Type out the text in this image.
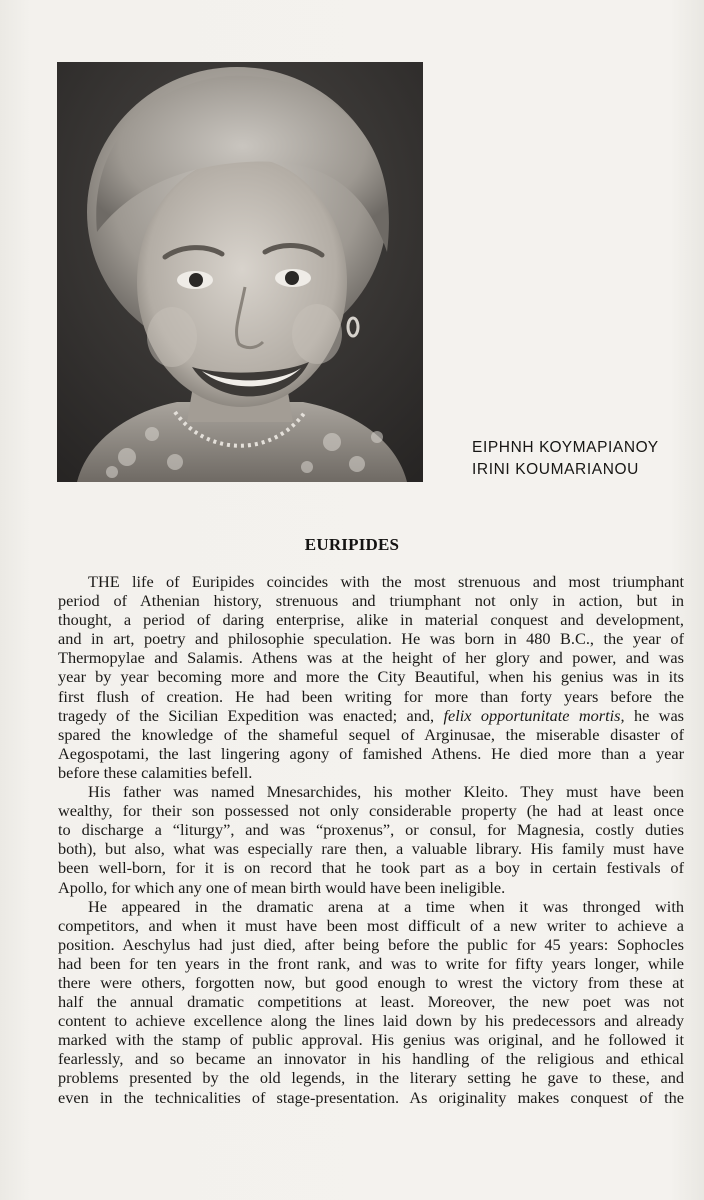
ΕΙΡΗΝΗ ΚΟΥΜΑΡΙΑΝΟΥ
IRINI KOUMARIANOU
EURIPIDES

THE life of Euripides coincides with the most strenuous and most triumphant
period of Athenian history, strenuous and triumphant not only in action, but in
thought, a period of daring enterprise, alike in material conquest and development,
and in art, poetry and philosophie speculation. He was born in 480 B.C., the year of
Thermopylae and Salamis. Athens was at the height of her glory and power, and was
year by year becoming more and more the City Beautiful, when his genius was in its
first flush of creation. He had been writing for more than forty years before the
tragedy of the Sicilian Expedition was enacted; and, felix opportunitate mortis, he was
spared the knowledge of the shameful sequel of Arginusae, the miserable disaster of
Aegospotami, the last lingering agony of famished Athens. He died more than a year
before these calamities befell.

His father was named Mnesarchides, his mother Kleito. They must have been
wealthy, for their son possessed not only considerable property (he had at least once
to discharge a “liturgy”, and was “proxenus”, or consul, for Magnesia, costly duties
both), but also, what was especially rare then, a valuable library. His family must have
been well-born, for it is on record that he took part as a boy in certain festivals of
Apollo, for which any one of mean birth would have been ineligible.

He appeared in the dramatic arena at a time when it was thronged with
competitors, and when it must have been most difficult of a new writer to achieve a
position. Aeschylus had just died, after being before the public for 45 years: Sophocles
had been for ten years in the front rank, and was to write for fifty years longer, while
there were others, forgotten now, but good enough to wrest the victory from these at
half the annual dramatic competitions at least. Moreover, the new poet was not
content to achieve excellence along the lines laid down by his predecessors and already
marked with the stamp of public approval. His genius was original, and he followed it
fearlessly, and so became an innovator in his handling of the religious and ethical
problems presented by the old legends, in the literary setting he gave to these, and
even in the technicalities of stage-presentation. As originality makes conquest of the
